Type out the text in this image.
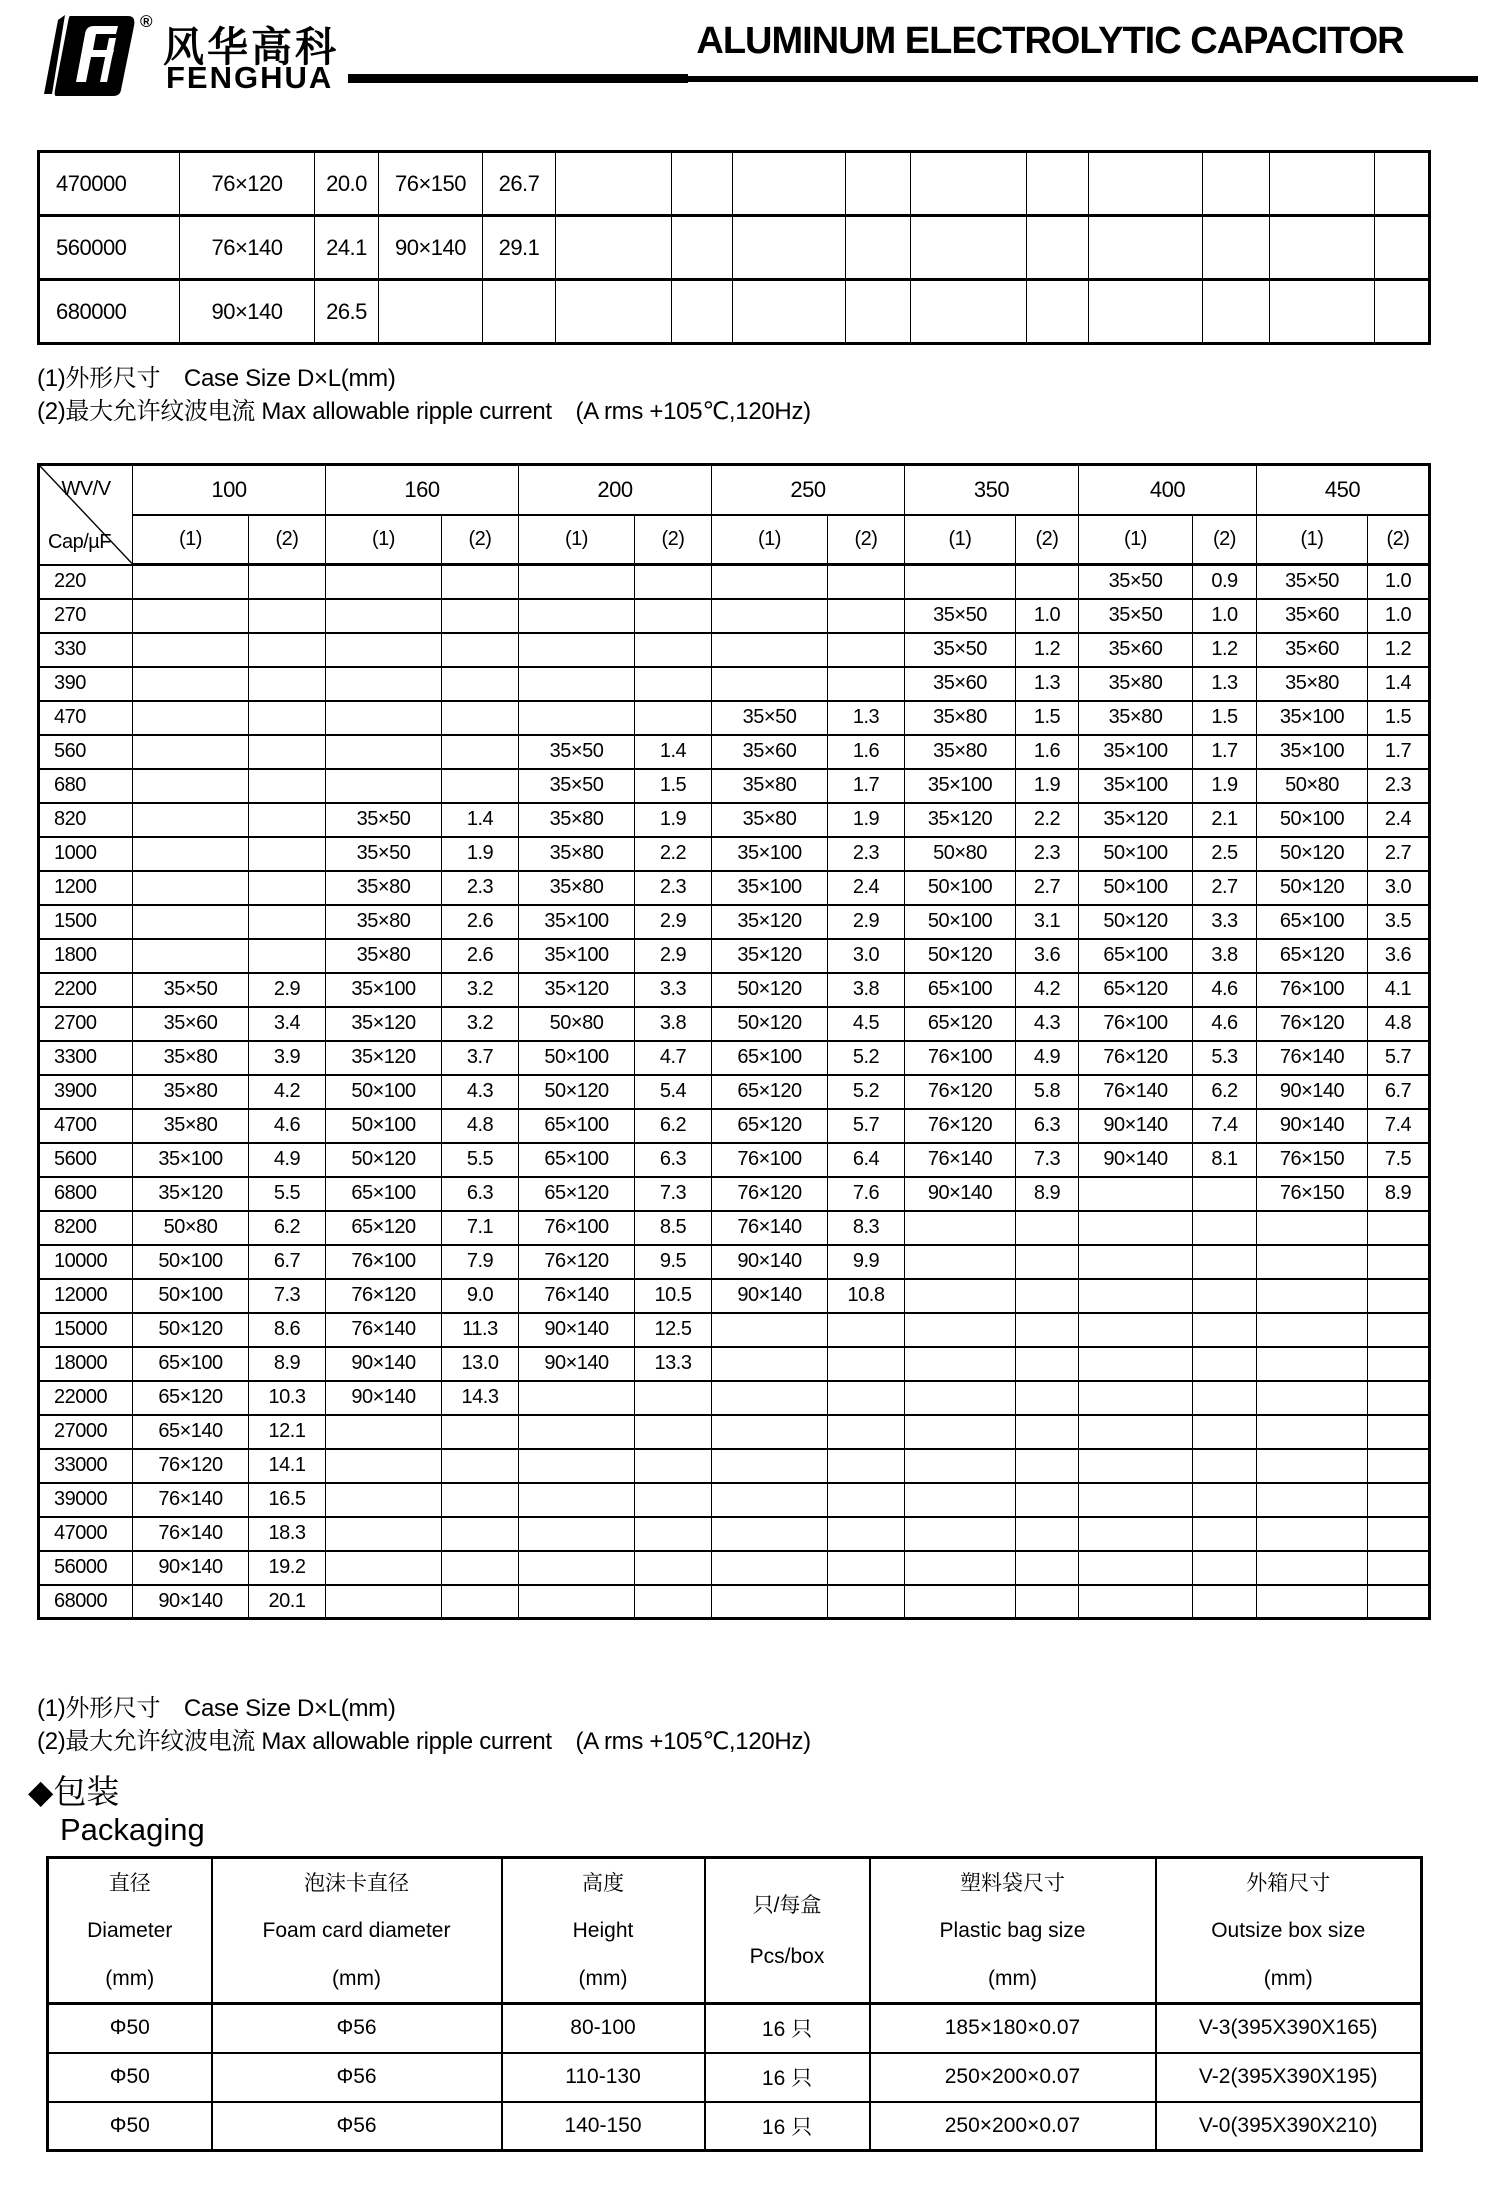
®
风华高科
FENGHUA
ALUMINUM ELECTROLYTIC CAPACITOR
470000	76×120	20.0	76×150	26.7										
560000	76×140	24.1	90×140	29.1										
680000	90×140	26.5												
(1)外形尺寸　Case Size D×L(mm)
(2)最大允许纹波电流 Max allowable ripple current　(A rms +105℃,120Hz)
WV/V
Cap/µF	100		160		200		250		350		400		450	
	(1)	(2)	(1)	(2)	(1)	(2)	(1)	(2)	(1)	(2)	(1)	(2)	(1)	(2)
220											35×50	0.9	35×50	1.0
270									35×50	1.0	35×50	1.0	35×60	1.0
330									35×50	1.2	35×60	1.2	35×60	1.2
390									35×60	1.3	35×80	1.3	35×80	1.4
470							35×50	1.3	35×80	1.5	35×80	1.5	35×100	1.5
560					35×50	1.4	35×60	1.6	35×80	1.6	35×100	1.7	35×100	1.7
680					35×50	1.5	35×80	1.7	35×100	1.9	35×100	1.9	50×80	2.3
820			35×50	1.4	35×80	1.9	35×80	1.9	35×120	2.2	35×120	2.1	50×100	2.4
1000			35×50	1.9	35×80	2.2	35×100	2.3	50×80	2.3	50×100	2.5	50×120	2.7
1200			35×80	2.3	35×80	2.3	35×100	2.4	50×100	2.7	50×100	2.7	50×120	3.0
1500			35×80	2.6	35×100	2.9	35×120	2.9	50×100	3.1	50×120	3.3	65×100	3.5
1800			35×80	2.6	35×100	2.9	35×120	3.0	50×120	3.6	65×100	3.8	65×120	3.6
2200	35×50	2.9	35×100	3.2	35×120	3.3	50×120	3.8	65×100	4.2	65×120	4.6	76×100	4.1
2700	35×60	3.4	35×120	3.2	50×80	3.8	50×120	4.5	65×120	4.3	76×100	4.6	76×120	4.8
3300	35×80	3.9	35×120	3.7	50×100	4.7	65×100	5.2	76×100	4.9	76×120	5.3	76×140	5.7
3900	35×80	4.2	50×100	4.3	50×120	5.4	65×120	5.2	76×120	5.8	76×140	6.2	90×140	6.7
4700	35×80	4.6	50×100	4.8	65×100	6.2	65×120	5.7	76×120	6.3	90×140	7.4	90×140	7.4
5600	35×100	4.9	50×120	5.5	65×100	6.3	76×100	6.4	76×140	7.3	90×140	8.1	76×150	7.5
6800	35×120	5.5	65×100	6.3	65×120	7.3	76×120	7.6	90×140	8.9			76×150	8.9
8200	50×80	6.2	65×120	7.1	76×100	8.5	76×140	8.3						
10000	50×100	6.7	76×100	7.9	76×120	9.5	90×140	9.9						
12000	50×100	7.3	76×120	9.0	76×140	10.5	90×140	10.8						
15000	50×120	8.6	76×140	11.3	90×140	12.5								
18000	65×100	8.9	90×140	13.0	90×140	13.3								
22000	65×120	10.3	90×140	14.3										
27000	65×140	12.1												
33000	76×120	14.1												
39000	76×140	16.5												
47000	76×140	18.3												
56000	90×140	19.2												
68000	90×140	20.1												
(1)外形尺寸　Case Size D×L(mm)
(2)最大允许纹波电流 Max allowable ripple current　(A rms +105℃,120Hz)
◆包装
Packaging
直径
Diameter
(mm)

泡沫卡直径
Foam card diameter
(mm)

高度
Height
(mm)

只/每盒
Pcs/box

塑料袋尺寸
Plastic bag size
(mm)

外箱尺寸
Outsize box size
(mm)

Φ50	Φ56	80-100	16 只	185×180×0.07	V-3(395X390X165)
Φ50	Φ56	110-130	16 只	250×200×0.07	V-2(395X390X195)
Φ50	Φ56	140-150	16 只	250×200×0.07	V-0(395X390X210)
